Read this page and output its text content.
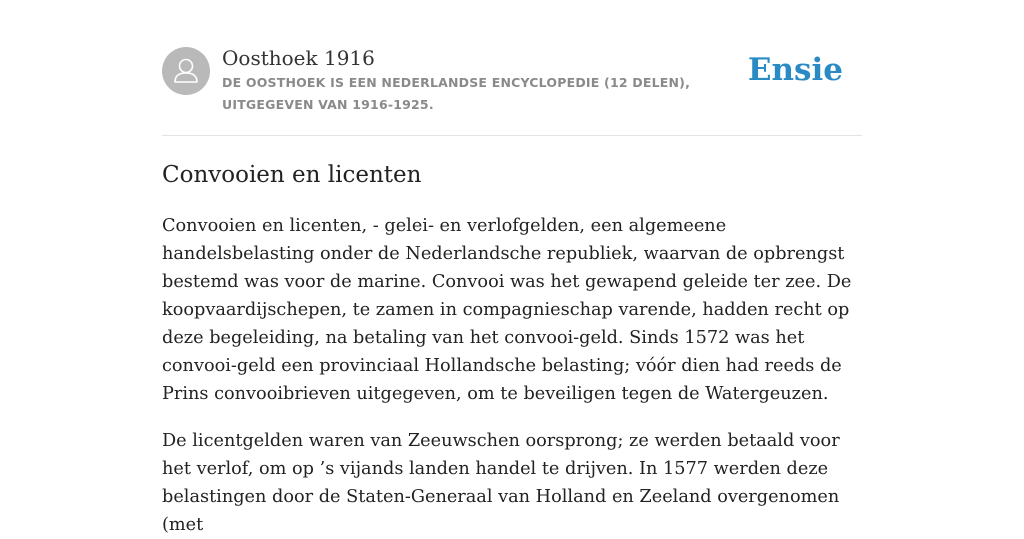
Oosthoek 1916
DE OOSTHOEK IS EEN NEDERLANDSE ENCYCLOPEDIE (12 DELEN), UITGEGEVEN VAN 1916-1925.
Ensie
Convooien en licenten

Convooien en licenten, - gelei- en verlofgelden, een algemeene handelsbelasting onder de Nederlandsche republiek, waarvan de opbrengst bestemd was voor de marine. Convooi was het gewapend geleide ter zee. De koopvaardijschepen, te zamen in compagnieschap varende, hadden recht op deze begeleiding, na betaling van het convooi-geld. Sinds 1572 was het convooi-geld een provinciaal Hollandsche belasting; vóór dien had reeds de Prins convooibrieven uitgegeven, om te beveiligen tegen de Watergeuzen.

De licentgelden waren van Zeeuwschen oorsprong; ze werden betaald voor het verlof, om op ’s vijands landen handel te drijven. In 1577 werden deze belastingen door de Staten-Generaal van Holland en Zeeland overgenomen (met
